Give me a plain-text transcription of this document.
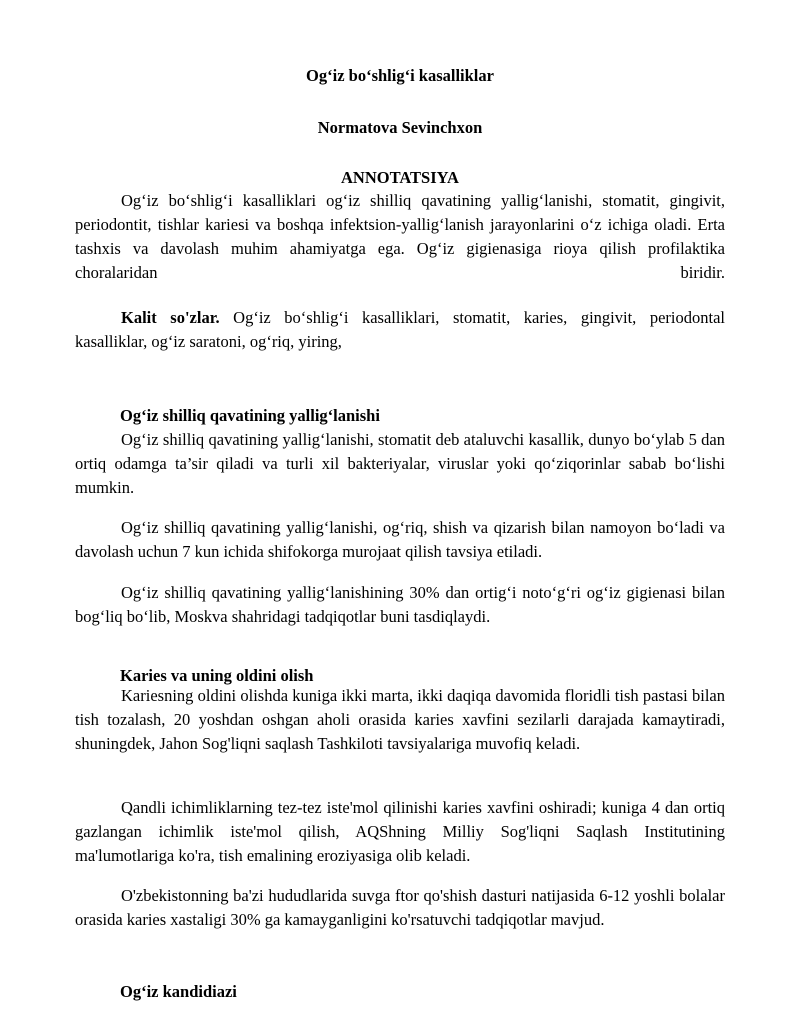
Og‘iz bo‘shlig‘i kasalliklar

Normatova Sevinchxon

ANNOTATSIYA

Og‘iz bo‘shlig‘i kasalliklari og‘iz shilliq qavatining yallig‘lanishi, stomatit, gingivit, periodontit, tishlar kariesi va boshqa infektsion-yallig‘lanish jarayonlarini o‘z ichiga oladi. Erta tashxis va davolash muhim ahamiyatga ega. Og‘iz gigienasiga rioya qilish profilaktika choralaridan biridir.

Kalit so'zlar. Og‘iz bo‘shlig‘i kasalliklari, stomatit, karies, gingivit, periodontal kasalliklar, og‘iz saratoni, og‘riq, yiring,

Og‘iz shilliq qavatining yallig‘lanishi

Og‘iz shilliq qavatining yallig‘lanishi, stomatit deb ataluvchi kasallik, dunyo bo‘ylab 5 dan ortiq odamga ta’sir qiladi va turli xil bakteriyalar, viruslar yoki qo‘ziqorinlar sabab bo‘lishi mumkin.

Og‘iz shilliq qavatining yallig‘lanishi, og‘riq, shish va qizarish bilan namoyon bo‘ladi va davolash uchun 7 kun ichida shifokorga murojaat qilish tavsiya etiladi.

Og‘iz shilliq qavatining yallig‘lanishining 30% dan ortig‘i noto‘g‘ri og‘iz gigienasi bilan bog‘liq bo‘lib, Moskva shahridagi tadqiqotlar buni tasdiqlaydi.

Karies va uning oldini olish

Kariesning oldini olishda kuniga ikki marta, ikki daqiqa davomida floridli tish pastasi bilan tish tozalash, 20 yoshdan oshgan aholi orasida karies xavfini sezilarli darajada kamaytiradi, shuningdek, Jahon Sog'liqni saqlash Tashkiloti tavsiyalariga muvofiq keladi.

Qandli ichimliklarning tez-tez iste'mol qilinishi karies xavfini oshiradi; kuniga 4 dan ortiq gazlangan ichimlik iste'mol qilish, AQShning Milliy Sog'liqni Saqlash Institutining ma'lumotlariga ko'ra, tish emalining eroziyasiga olib keladi.

O'zbekistonning ba'zi hududlarida suvga ftor qo'shish dasturi natijasida 6-12 yoshli bolalar orasida karies xastaligi 30% ga kamayganligini ko'rsatuvchi tadqiqotlar mavjud.

Og‘iz kandidiazi
